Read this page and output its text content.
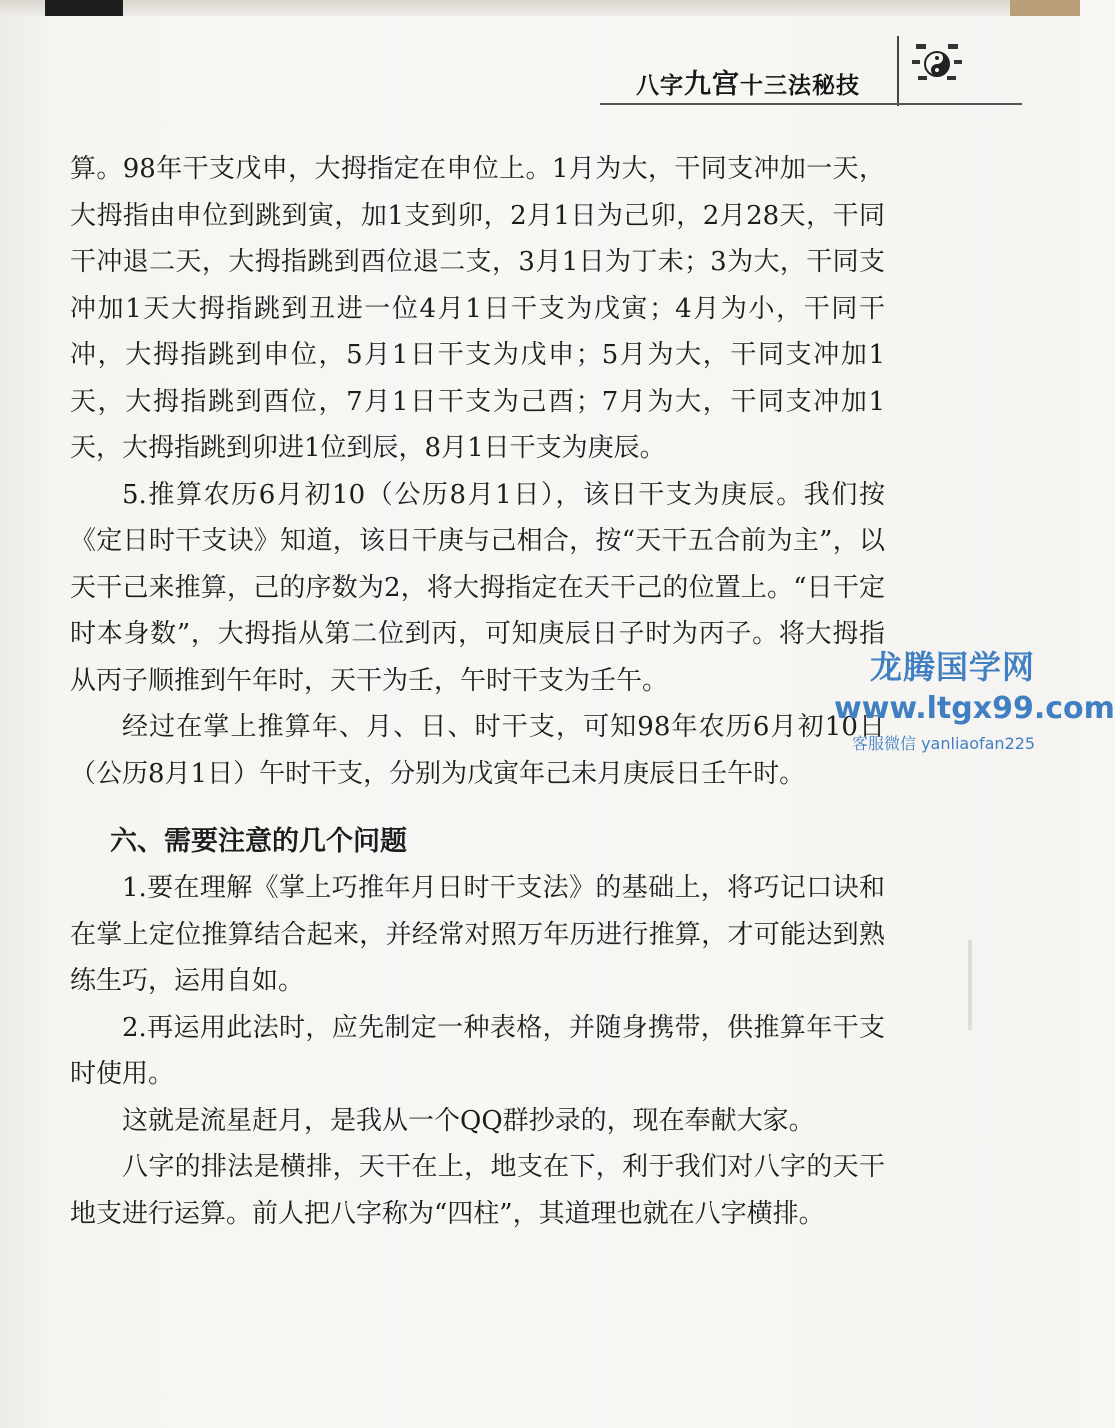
八字九宫十三法秘技

算。98年干支戊申，大拇指定在申位上。1月为大，干同支冲加一天，大拇指由申位到跳到寅，加1支到卯，2月1日为己卯，2月28天，干同干冲退二天，大拇指跳到酉位退二支，3月1日为丁未；3为大，干同支冲加1天大拇指跳到丑进一位4月1日干支为戊寅；4月为小，干同干冲，大拇指跳到申位，5月1日干支为戊申；5月为大，干同支冲加1天，大拇指跳到酉位，7月1日干支为己酉；7月为大，干同支冲加1天，大拇指跳到卯进1位到辰，8月1日干支为庚辰。

5.推算农历6月初10（公历8月1日），该日干支为庚辰。我们按《定日时干支诀》知道，该日干庚与己相合，按“天干五合前为主”，以天干己来推算，己的序数为2，将大拇指定在天干己的位置上。“日干定时本身数”，大拇指从第二位到丙，可知庚辰日子时为丙子。将大拇指从丙子顺推到午年时，天干为壬，午时干支为壬午。

经过在掌上推算年、月、日、时干支，可知98年农历6月初10日（公历8月1日）午时干支，分别为戊寅年己未月庚辰日壬午时。

六、需要注意的几个问题

1.要在理解《掌上巧推年月日时干支法》的基础上，将巧记口诀和在掌上定位推算结合起来，并经常对照万年历进行推算，才可能达到熟练生巧，运用自如。

2.再运用此法时，应先制定一种表格，并随身携带，供推算年干支时使用。

这就是流星赶月，是我从一个QQ群抄录的，现在奉献大家。

八字的排法是横排，天干在上，地支在下，利于我们对八字的天干地支进行运算。前人把八字称为“四柱”，其道理也就在八字横排。

龙腾国学网
www.ltgx99.com
客服微信 yanliaofan225
